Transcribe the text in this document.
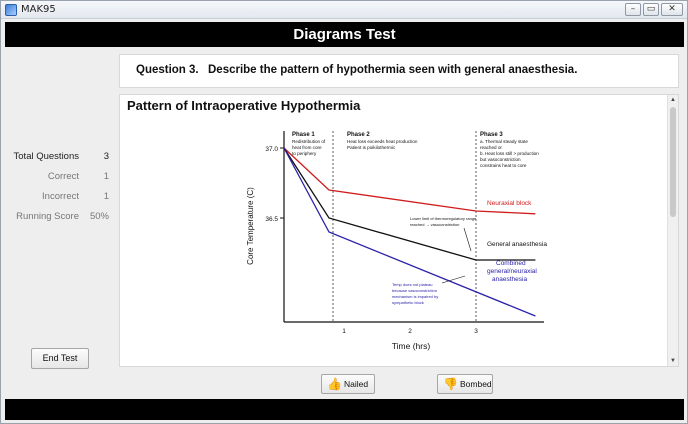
MAK95	–	▭	✕
Diagrams Test
Total Questions	3
Correct	1
Incorrect	1
Running Score 50%
End Test
Question 3. Describe the pattern of hypothermia seen with general anaesthesia.
Pattern of Intraoperative Hypothermia
37.0
36.5
1	2	3
Time (hrs)
Core Temperature (C)
Phase 1
Redistribution of
heat from core
to periphery
Phase 2
Heat loss exceeds heat production
Patient is poikilothermic
Phase 3
a. Thermal steady state
reached or
b. Heat loss still > production
but vasoconstriction
constrains heat to core
Neuraxial block
General anaesthesia
Combined
general/neuraxial
anaesthesia
Lower limit of thermoregulatory range
reached → vasoconstriction
Temp does not plateau
because vasoconstriction
mechanism is impaired by
sympathetic block
▲
▼
👍 Nailed	👎 Bombed
